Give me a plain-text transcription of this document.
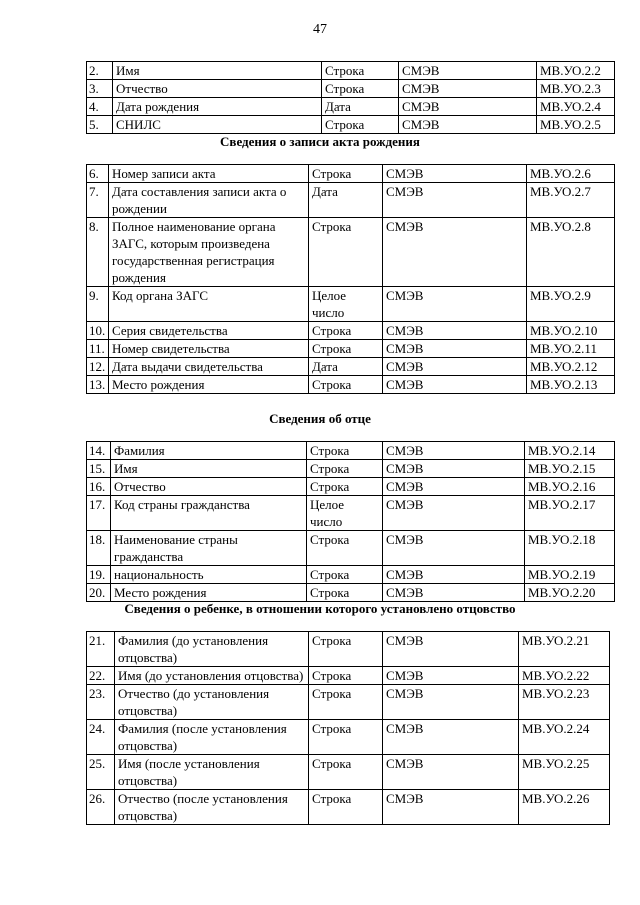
47
2.	Имя	Строка	СМЭВ	МВ.УО.2.2
3.	Отчество	Строка	СМЭВ	МВ.УО.2.3
4.	Дата рождения	Дата	СМЭВ	МВ.УО.2.4
5.	СНИЛС	Строка	СМЭВ	МВ.УО.2.5
Сведения о записи акта рождения
6.	Номер записи акта	Строка	СМЭВ	МВ.УО.2.6
7.	Дата составления записи акта о рождении	Дата	СМЭВ	МВ.УО.2.7
8.	Полное наименование органа ЗАГС, которым произведена государственная регистрация рождения	Строка	СМЭВ	МВ.УО.2.8
9.	Код органа ЗАГС	Целое число	СМЭВ	МВ.УО.2.9
10.	Серия свидетельства	Строка	СМЭВ	МВ.УО.2.10
11.	Номер свидетельства	Строка	СМЭВ	МВ.УО.2.11
12.	Дата выдачи свидетельства	Дата	СМЭВ	МВ.УО.2.12
13.	Место рождения	Строка	СМЭВ	МВ.УО.2.13
Сведения об отце
14.	Фамилия	Строка	СМЭВ	МВ.УО.2.14
15.	Имя	Строка	СМЭВ	МВ.УО.2.15
16.	Отчество	Строка	СМЭВ	МВ.УО.2.16
17.	Код страны гражданства	Целое число	СМЭВ	МВ.УО.2.17
18.	Наименование страны гражданства	Строка	СМЭВ	МВ.УО.2.18
19.	национальность	Строка	СМЭВ	МВ.УО.2.19
20.	Место рождения	Строка	СМЭВ	МВ.УО.2.20
Сведения о ребенке, в отношении которого установлено отцовство
21.	Фамилия (до установления отцовства)	Строка	СМЭВ	МВ.УО.2.21
22.	Имя (до установления отцовства)	Строка	СМЭВ	МВ.УО.2.22
23.	Отчество (до установления отцовства)	Строка	СМЭВ	МВ.УО.2.23
24.	Фамилия (после установления отцовства)	Строка	СМЭВ	МВ.УО.2.24
25.	Имя (после установления отцовства)	Строка	СМЭВ	МВ.УО.2.25
26.	Отчество (после установления отцовства)	Строка	СМЭВ	МВ.УО.2.26
